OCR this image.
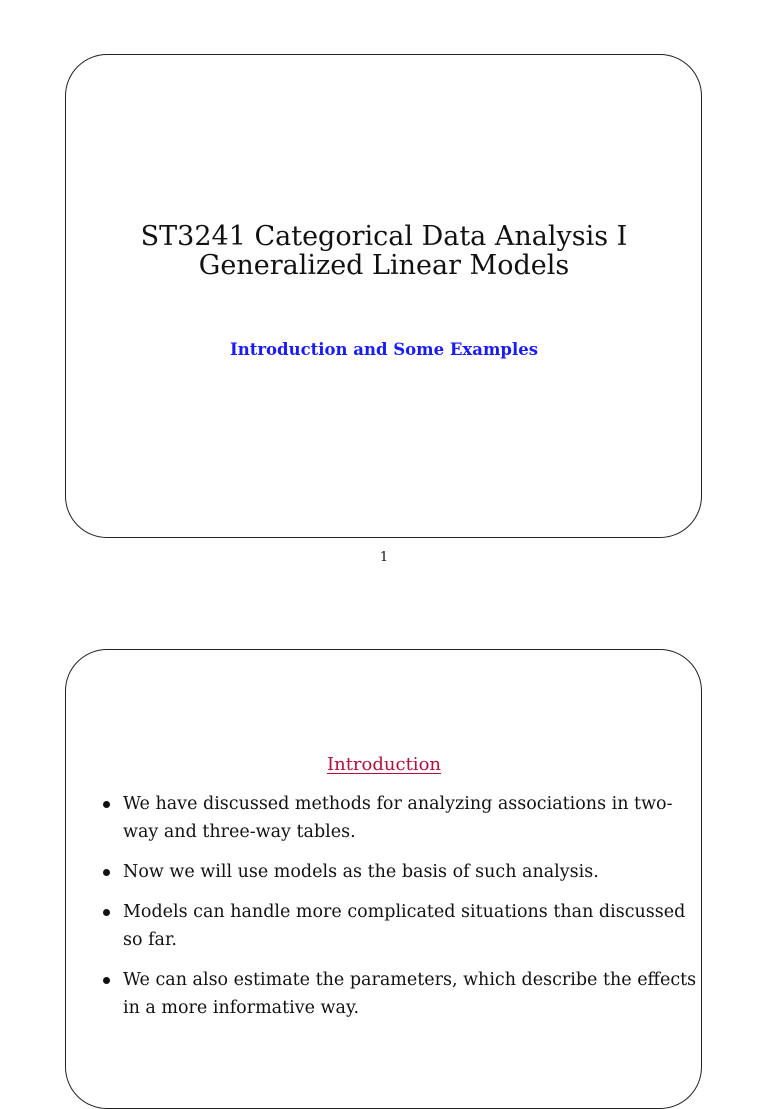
ST3241 Categorical Data Analysis I
Generalized Linear Models
Introduction and Some Examples
1
Introduction
We have discussed methods for analyzing associations in two-way and three-way tables.
Now we will use models as the basis of such analysis.
Models can handle more complicated situations than discussed so far.
We can also estimate the parameters, which describe the effects in a more informative way.
